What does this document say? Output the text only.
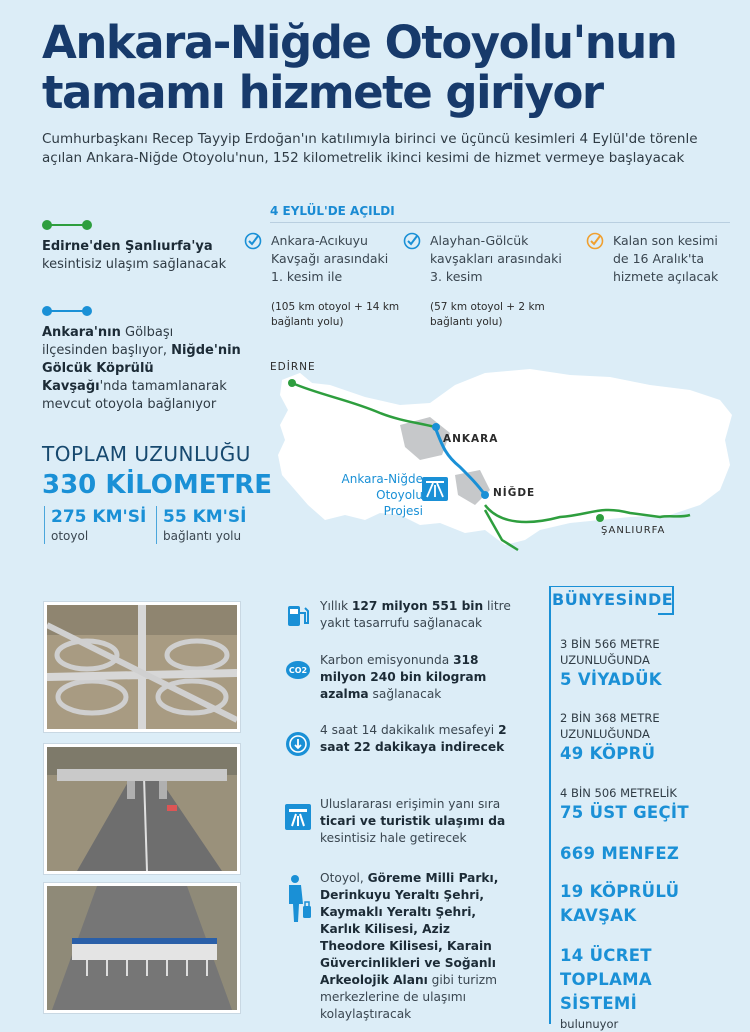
Ankara-Niğde Otoyolu'nun tamamı hizmete giriyor
Cumhurbaşkanı Recep Tayyip Erdoğan'ın katılımıyla birinci ve üçüncü kesimleri 4 Eylül'de törenle açılan Ankara-Niğde Otoyolu'nun, 152 kilometrelik ikinci kesimi de hizmet vermeye başlayacak
Edirne'den Şanlıurfa'ya kesintisiz ulaşım sağlanacak
Ankara'nın Gölbaşı ilçesinden başlıyor, Niğde'nin Gölcük Köprülü Kavşağı'nda tamamlanarak mevcut otoyola bağlanıyor
4 EYLÜL'DE AÇILDI
Ankara-Acıkuyu Kavşağı arasındaki 1. kesim ile
(105 km otoyol + 14 km bağlantı yolu)
Alayhan-Gölcük kavşakları arasındaki 3. kesim
(57 km otoyol + 2 km bağlantı yolu)
Kalan son kesimi de 16 Aralık'ta hizmete açılacak
TOPLAM UZUNLUĞU
330 KİLOMETRE
275 KM'Sİ
otoyol
55 KM'Sİ
bağlantı yolu
EDİRNE
ANKARA
NİĞDE
ŞANLIURFA
Ankara-Niğde Otoyolu Projesi
Yıllık 127 milyon 551 bin litre yakıt tasarrufu sağlanacak
CO2
Karbon emisyonunda 318 milyon 240 bin kilogram azalma sağlanacak
4 saat 14 dakikalık mesafeyi 2 saat 22 dakikaya indirecek
Uluslararası erişimin yanı sıra ticari ve turistik ulaşımı da kesintisiz hale getirecek
Otoyol, Göreme Milli Parkı, Derinkuyu Yeraltı Şehri, Kaymaklı Yeraltı Şehri, Karlık Kilisesi, Aziz Theodore Kilisesi, Karain Güvercinlikleri ve Soğanlı Arkeolojik Alanı gibi turizm merkezlerine de ulaşımı kolaylaştıracak
BÜNYESİNDE
3 BİN 566 METRE UZUNLUĞUNDA
5 VİYADÜK
2 BİN 368 METRE UZUNLUĞUNDA
49 KÖPRÜ
4 BİN 506 METRELİK
75 ÜST GEÇİT
669 MENFEZ
19 KÖPRÜLÜ KAVŞAK
14 ÜCRET TOPLAMA SİSTEMİ
bulunuyor
